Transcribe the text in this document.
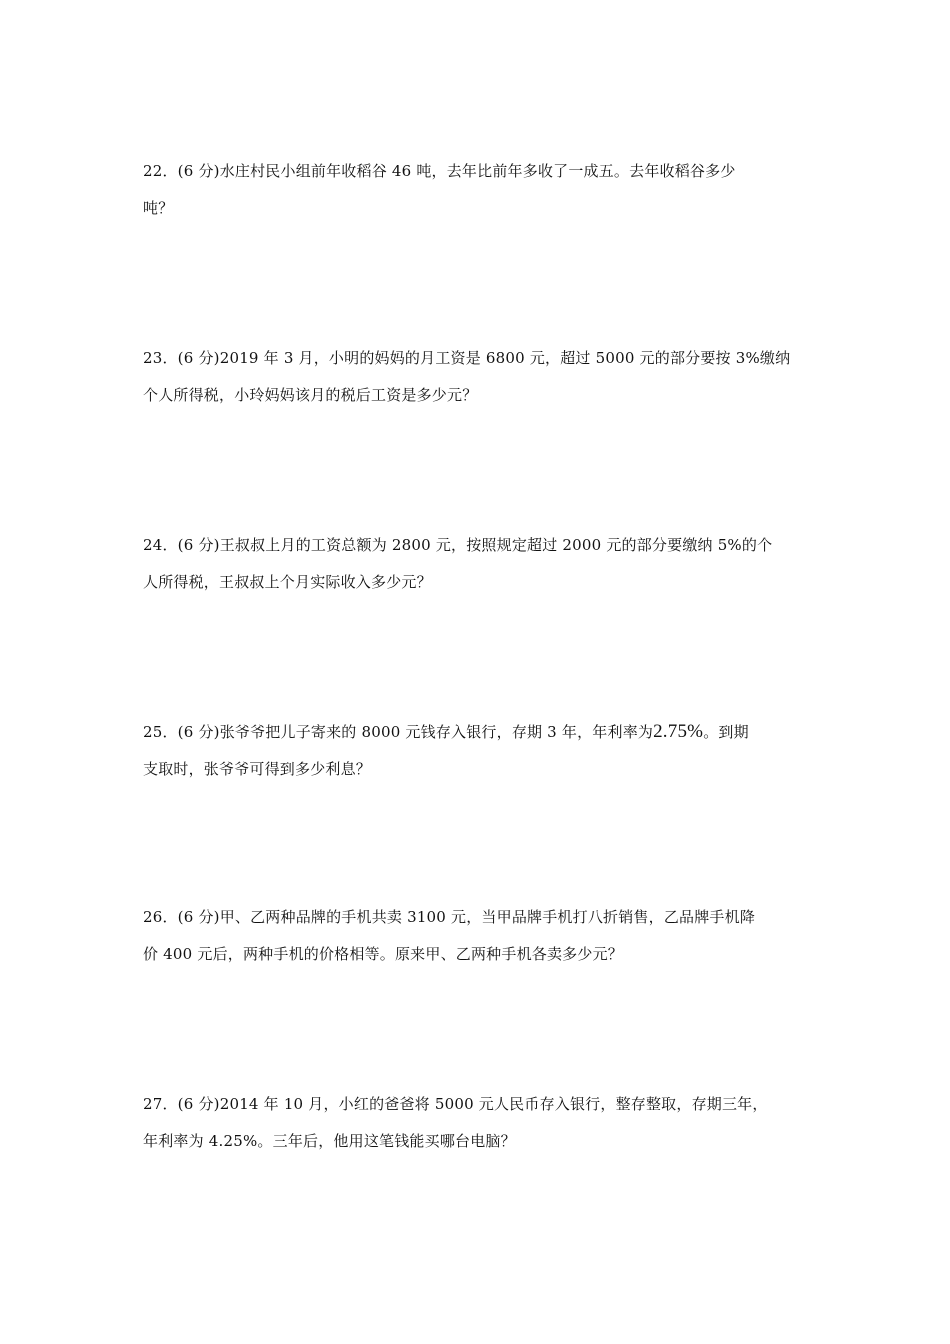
22．(6 分)水庄村民小组前年收稻谷 46 吨，去年比前年多收了一成五。去年收稻谷多少
吨？
23．(6 分)2019 年 3 月，小明的妈妈的月工资是 6800 元，超过 5000 元的部分要按 3%缴纳
个人所得税，小玲妈妈该月的税后工资是多少元？
24．(6 分)王叔叔上月的工资总额为 2800 元，按照规定超过 2000 元的部分要缴纳 5%的个
人所得税，王叔叔上个月实际收入多少元？
25．(6 分)张爷爷把儿子寄来的 8000 元钱存入银行，存期 3 年，年利率为2.75%。到期
支取时，张爷爷可得到多少利息？
26．(6 分)甲、乙两种品牌的手机共卖 3100 元，当甲品牌手机打八折销售，乙品牌手机降
价 400 元后，两种手机的价格相等。原来甲、乙两种手机各卖多少元？
27．(6 分)2014 年 10 月，小红的爸爸将 5000 元人民币存入银行，整存整取，存期三年，
年利率为 4.25%。三年后，他用这笔钱能买哪台电脑？
